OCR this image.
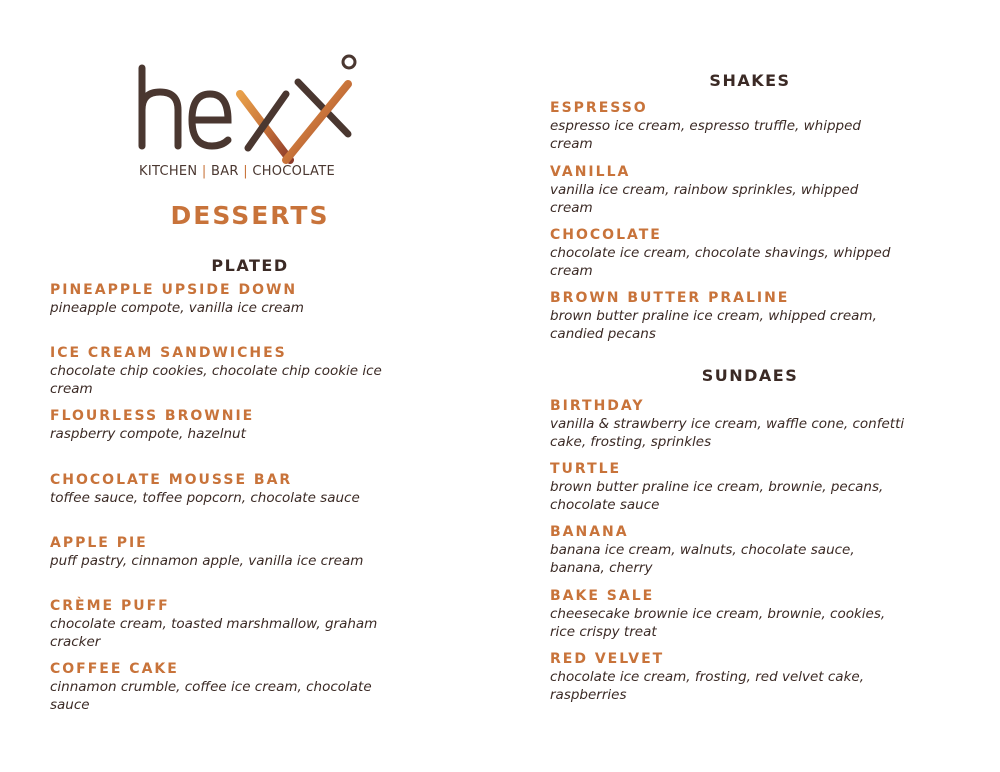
KITCHEN | BAR | CHOCOLATE
DESSERTS
PLATED
PINEAPPLE UPSIDE DOWN
pineapple compote, vanilla ice cream
ICE CREAM SANDWICHES
chocolate chip cookies, chocolate chip cookie ice cream
FLOURLESS BROWNIE
raspberry compote, hazelnut
CHOCOLATE MOUSSE BAR
toffee sauce, toffee popcorn, chocolate sauce
APPLE PIE
puff pastry, cinnamon apple, vanilla ice cream
CRÈME PUFF
chocolate cream, toasted marshmallow, graham cracker
COFFEE CAKE
cinnamon crumble, coffee ice cream, chocolate sauce
SHAKES
ESPRESSO
espresso ice cream, espresso truffle, whipped cream
VANILLA
vanilla ice cream, rainbow sprinkles, whipped cream
CHOCOLATE
chocolate ice cream, chocolate shavings, whipped cream
BROWN BUTTER PRALINE
brown butter praline ice cream, whipped cream, candied pecans
SUNDAES
BIRTHDAY
vanilla & strawberry ice cream, waffle cone, confetti cake, frosting, sprinkles
TURTLE
brown butter praline ice cream, brownie, pecans, chocolate sauce
BANANA
banana ice cream, walnuts, chocolate sauce, banana, cherry
BAKE SALE
cheesecake brownie ice cream, brownie, cookies, rice crispy treat
RED VELVET
chocolate ice cream, frosting, red velvet cake, raspberries
